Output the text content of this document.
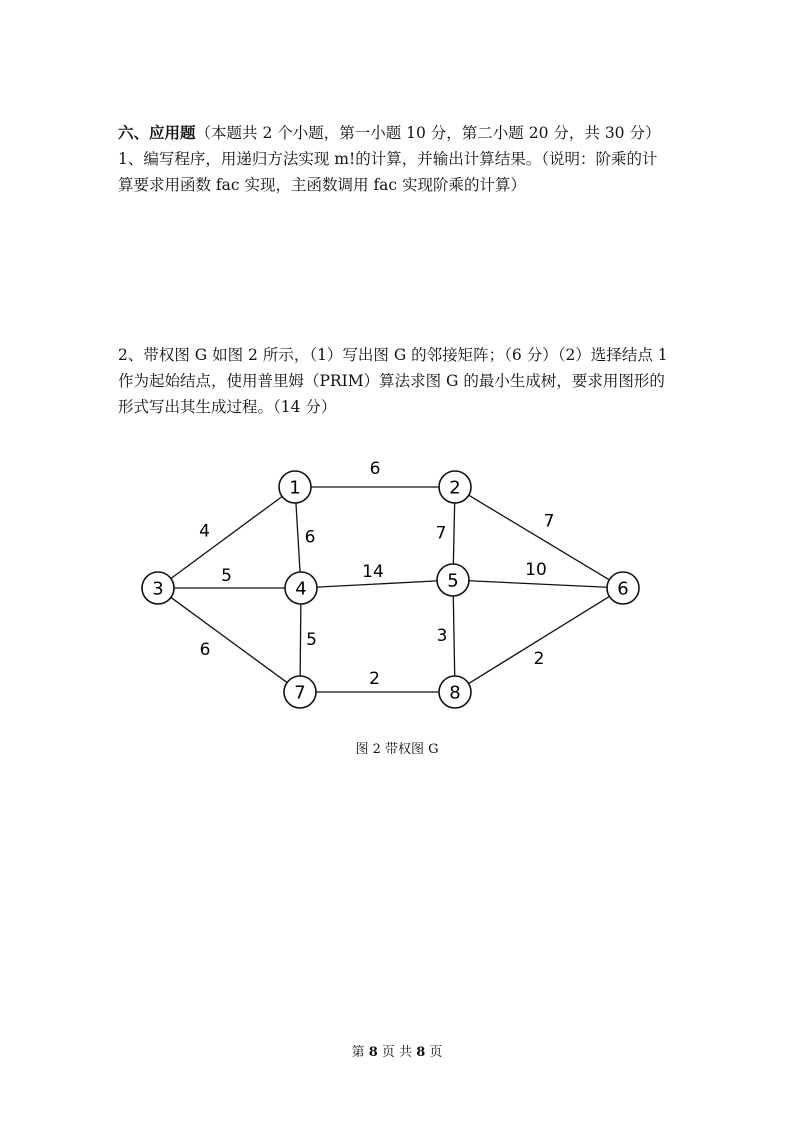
六、应用题（本题共 2 个小题，第一小题 10 分，第二小题 20 分，共 30 分）
1、编写程序，用递归方法实现 m!的计算，并输出计算结果。（说明：阶乘的计
算要求用函数 fac 实现，主函数调用 fac 实现阶乘的计算）
2、带权图 G 如图 2 所示，（1）写出图 G 的邻接矩阵；（6 分）（2）选择结点 1
作为起始结点，使用普里姆（PRIM）算法求图 G 的最小生成树，要求用图形的
形式写出其生成过程。（14 分）
6
4	6
5
6
14
5
7
7
10
3
2
2
1	2
3	4	5	6
7	8
图 2 带权图 G
第 8 页 共 8 页
